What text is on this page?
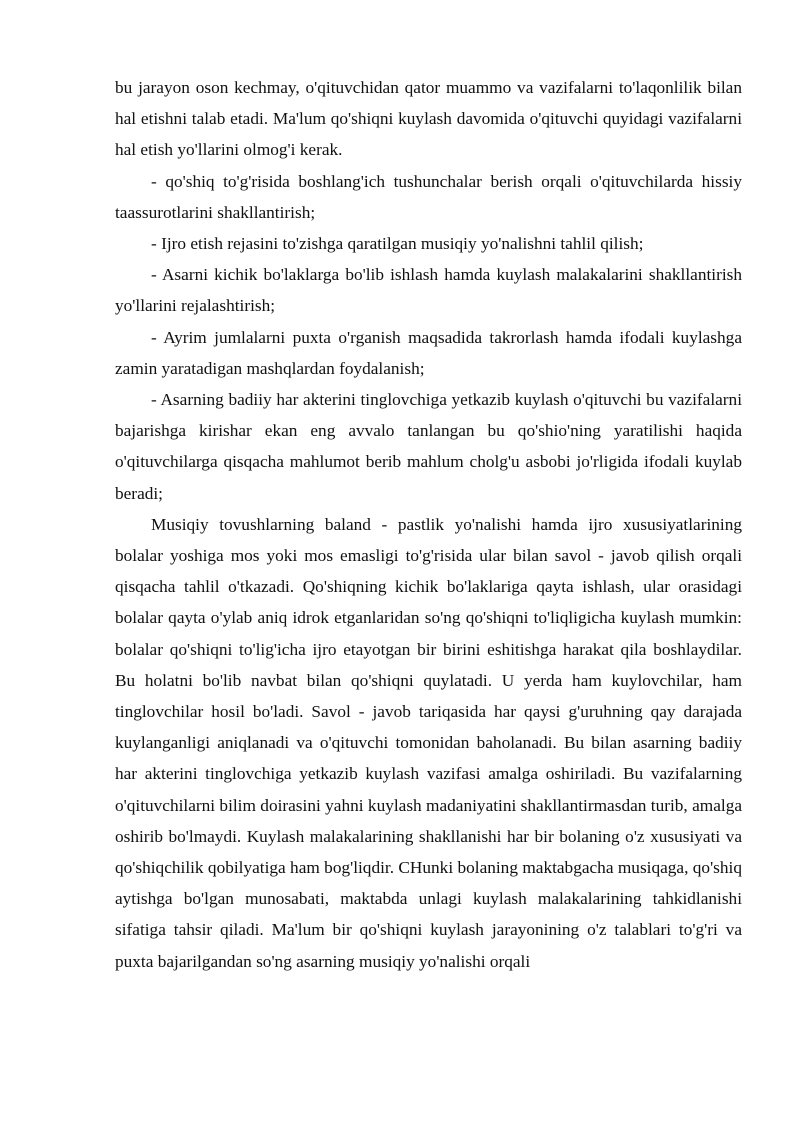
bu jarayon oson kechmay, o'qituvchidan qator muammo va vazifalarni to'laqonlilik bilan hal etishni talab etadi. Ma'lum qo'shiqni kuylash davomida o'qituvchi quyidagi vazifalarni hal etish yo'llarini olmog'i kerak.

- qo'shiq to'g'risida boshlang'ich tushunchalar berish orqali o'qituvchilarda hissiy taassurotlarini shakllantirish;

- Ijro etish rejasini to'zishga qaratilgan musiqiy yo'nalishni tahlil qilish;

- Asarni kichik bo'laklarga bo'lib ishlash hamda kuylash malakalarini shakllantirish yo'llarini rejalashtirish;

- Ayrim jumlalarni puxta o'rganish maqsadida takrorlash hamda ifodali kuylashga zamin yaratadigan mashqlardan foydalanish;

- Asarning badiiy har akterini tinglovchiga yetkazib kuylash o'qituvchi bu vazifalarni bajarishga kirishar ekan eng avvalo tanlangan bu qo'shio'ning yaratilishi haqida o'qituvchilarga qisqacha mahlumot berib mahlum cholg'u asbobi jo'rligida ifodali kuylab beradi;

Musiqiy tovushlarning baland - pastlik yo'nalishi hamda ijro xususiyatlarining bolalar yoshiga mos yoki mos emasligi to'g'risida ular bilan savol - javob qilish orqali qisqacha tahlil o'tkazadi. Qo'shiqning kichik bo'laklariga qayta ishlash, ular orasidagi bolalar qayta o'ylab aniq idrok etganlaridan so'ng qo'shiqni to'liqligicha kuylash mumkin: bolalar qo'shiqni to'lig'icha ijro etayotgan bir birini eshitishga harakat qila boshlaydilar. Bu holatni bo'lib navbat bilan qo'shiqni quylatadi. U yerda ham kuylovchilar, ham tinglovchilar hosil bo'ladi. Savol - javob tariqasida har qaysi g'uruhning qay darajada kuylanganligi aniqlanadi va o'qituvchi tomonidan baholanadi. Bu bilan asarning badiiy har akterini tinglovchiga yetkazib kuylash vazifasi amalga oshiriladi. Bu vazifalarning o'qituvchilarni bilim doirasini yahni kuylash madaniyatini shakllantirmasdan turib, amalga oshirib bo'lmaydi. Kuylash malakalarining shakllanishi har bir bolaning o'z xususiyati va qo'shiqchilik qobilyatiga ham bog'liqdir. CHunki bolaning maktabgacha musiqaga, qo'shiq aytishga bo'lgan munosabati, maktabda unlagi kuylash malakalarining tahkidlanishi sifatiga tahsir qiladi. Ma'lum bir qo'shiqni kuylash jarayonining o'z talablari to'g'ri va puxta bajarilgandan so'ng asarning musiqiy yo'nalishi orqali
